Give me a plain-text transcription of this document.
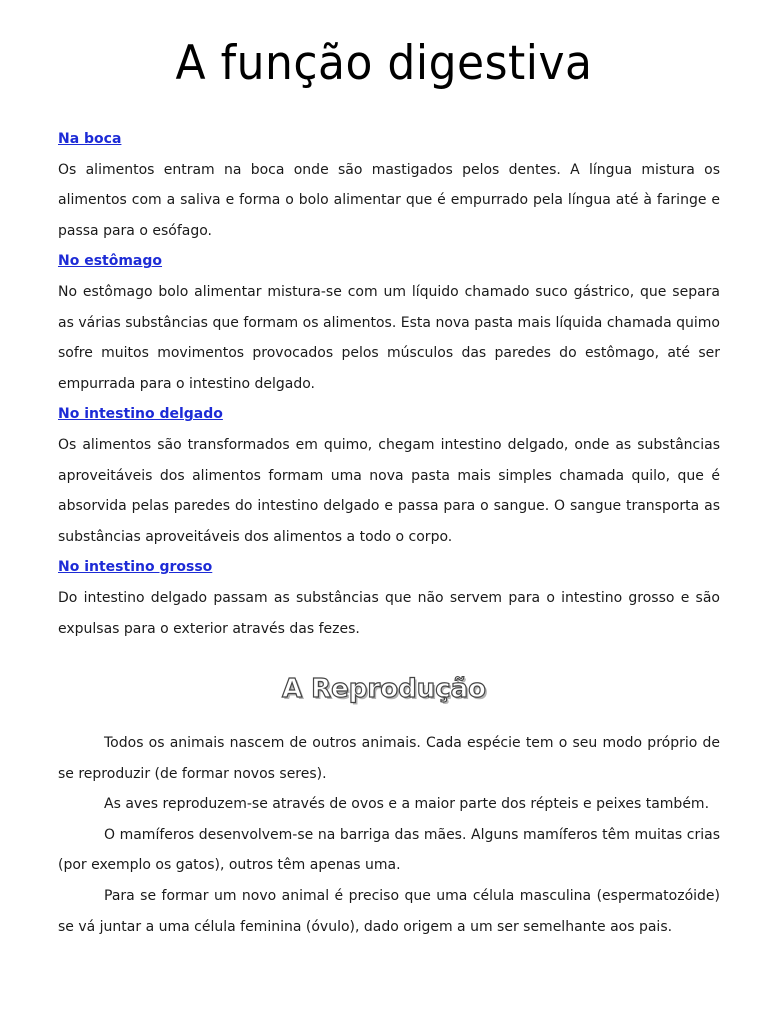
A função digestiva
Na boca

Os alimentos entram na boca onde são mastigados pelos dentes. A língua mistura os alimentos com a saliva e forma o bolo alimentar que é empurrado pela língua até à faringe e passa para o esófago.

No estômago

No estômago bolo alimentar mistura-se com um líquido chamado suco gástrico, que separa as várias substâncias que formam os alimentos. Esta nova pasta mais líquida chamada quimo sofre muitos movimentos provocados pelos músculos das paredes do estômago, até ser empurrada para o intestino delgado.

No intestino delgado

Os alimentos são transformados em quimo, chegam intestino delgado, onde as substâncias aproveitáveis dos alimentos formam uma nova pasta mais simples chamada quilo, que é absorvida pelas paredes do intestino delgado e passa para o sangue. O sangue transporta as substâncias aproveitáveis dos alimentos a todo o corpo.

No intestino grosso

Do intestino delgado passam as substâncias que não servem para o intestino grosso e são expulsas para o exterior através das fezes.

A Reprodução

Todos os animais nascem de outros animais. Cada espécie tem o seu modo próprio de se reproduzir (de formar novos seres).

As aves reproduzem-se através de ovos e a maior parte dos répteis e peixes também.

O mamíferos desenvolvem-se na barriga das mães. Alguns mamíferos têm muitas crias (por exemplo os gatos), outros têm apenas uma.

Para se formar um novo animal é preciso que uma célula masculina (espermatozóide) se vá juntar a uma célula feminina (óvulo), dado origem a um ser semelhante aos pais.
